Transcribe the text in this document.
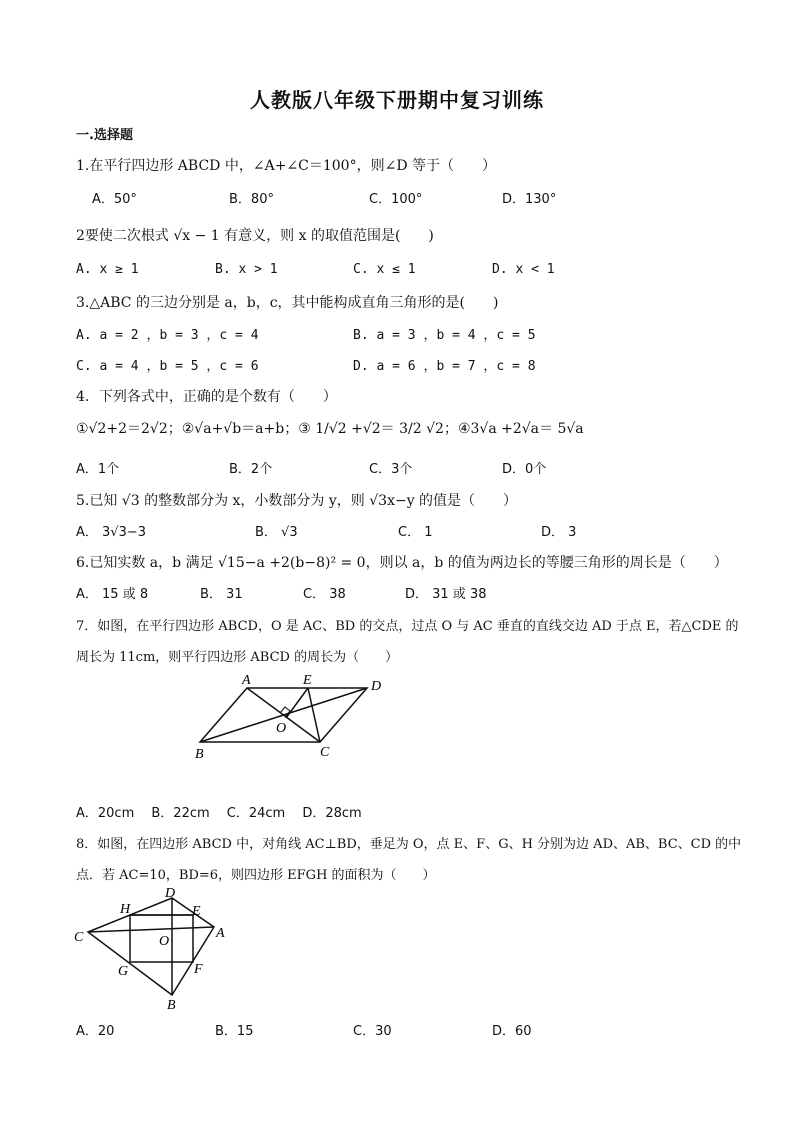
人教版八年级下册期中复习训练
一.选择题
1.在平行四边形 ABCD 中，∠A+∠C＝100°，则∠D 等于（　　）
A．50°	B．80°	C．100°	D．130°
2要使二次根式 √x − 1 有意义，则 x 的取值范围是(　　)
A. x ≥ 1	B. x > 1	C. x ≤ 1	D. x < 1
3.△ABC 的三边分别是 a，b，c，其中能构成直角三角形的是(　　)
A. a = 2 ，b = 3 ，c = 4	B. a = 3 ，b = 4 ，c = 5
C. a = 4 ，b = 5 ，c = 6	D. a = 6 ，b = 7 ，c = 8
4．下列各式中，正确的是个数有（　　）
①√2+2＝2√2；②√a+√b＝a+b；③ 1/√2 +√2＝ 3/2 √2；④3√a +2√a＝ 5√a
A．1个	B．2个	C．3个	D．0个
5.已知 √3 的整数部分为 x，小数部分为 y，则 √3x−y 的值是（　　）
A． 3√3−3	B． √3	C． 1	D． 3
6.已知实数 a，b 满足 √15−a +2(b−8)² = 0，则以 a，b 的值为两边长的等腰三角形的周长是（　　）
A． 15 或 8	B． 31	C． 38	D． 31 或 38
7．如图，在平行四边形 ABCD，O 是 AC、BD 的交点，过点 O 与 AC 垂直的直线交边 AD 于点 E，若△CDE 的
周长为 11cm，则平行四边形 ABCD 的周长为（　　）
A	E	D
O
B	C
A．20cm　 B．22cm　 C．24cm　 D．28cm
8．如图，在四边形 ABCD 中，对角线 AC⊥BD，垂足为 O，点 E、F、G、H 分别为边 AD、AB、BC、CD 的中
点．若 AC=10，BD=6，则四边形 EFGH 的面积为（　　）
D
H	E
C	O
A
G	F
B
A．20	B．15	C．30	D．60
